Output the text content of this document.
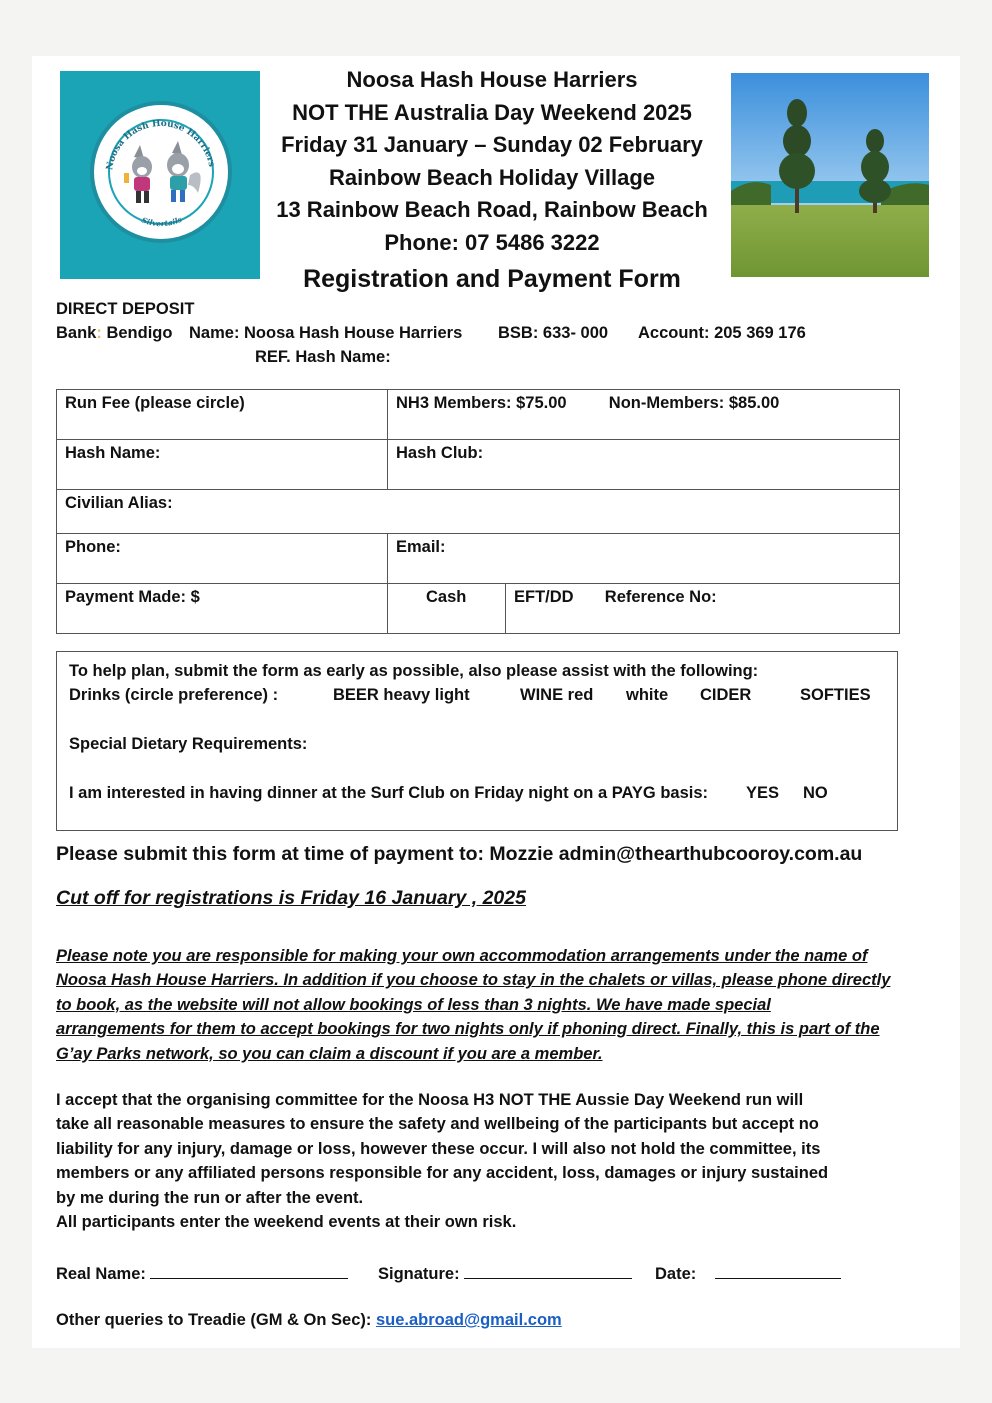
Noosa Hash House Harriers
Silvertails
Noosa Hash House Harriers
NOT THE Australia Day Weekend 2025
Friday 31 January – Sunday 02 February
Rainbow Beach Holiday Village
13 Rainbow Beach Road, Rainbow Beach
Phone: 07 5486 3222
Registration and Payment Form
DIRECT DEPOSIT
Bank: Bendigo Name: Noosa Hash House Harriers BSB: 633- 000 Account: 205 369 176
REF. Hash Name:
Run Fee (please circle)	NH3 Members: $75.00 Non-Members: $85.00	
Hash Name:	Hash Club:	
Civilian Alias:		
Phone:	Email:	
Payment Made: $	Cash	EFT/DD Reference No:
To help plan, submit the form as early as possible, also please assist with the following:
Drinks (circle preference) :	BEER heavy light	WINE red white CIDER	SOFTIES
Special Dietary Requirements:
I am interested in having dinner at the Surf Club on Friday night on a PAYG basis: YES NO
Please submit this form at time of payment to: Mozzie admin@thearthubcooroy.com.au
Cut off for registrations is Friday 16 January , 2025
Please note you are responsible for making your own accommodation arrangements under the name of
Noosa Hash House Harriers. In addition if you choose to stay in the chalets or villas, please phone directly
to book, as the website will not allow bookings of less than 3 nights. We have made special
arrangements for them to accept bookings for two nights only if phoning direct. Finally, this is part of the
G’ay Parks network, so you can claim a discount if you are a member.
I accept that the organising committee for the Noosa H3 NOT THE Aussie Day Weekend run will
take all reasonable measures to ensure the safety and wellbeing of the participants but accept no
liability for any injury, damage or loss, however these occur. I will also not hold the committee, its
members or any affiliated persons responsible for any accident, loss, damages or injury sustained
by me during the run or after the event.
All participants enter the weekend events at their own risk.
Real Name:	Signature:	Date:
Other queries to Treadie (GM & On Sec): sue.abroad@gmail.com
